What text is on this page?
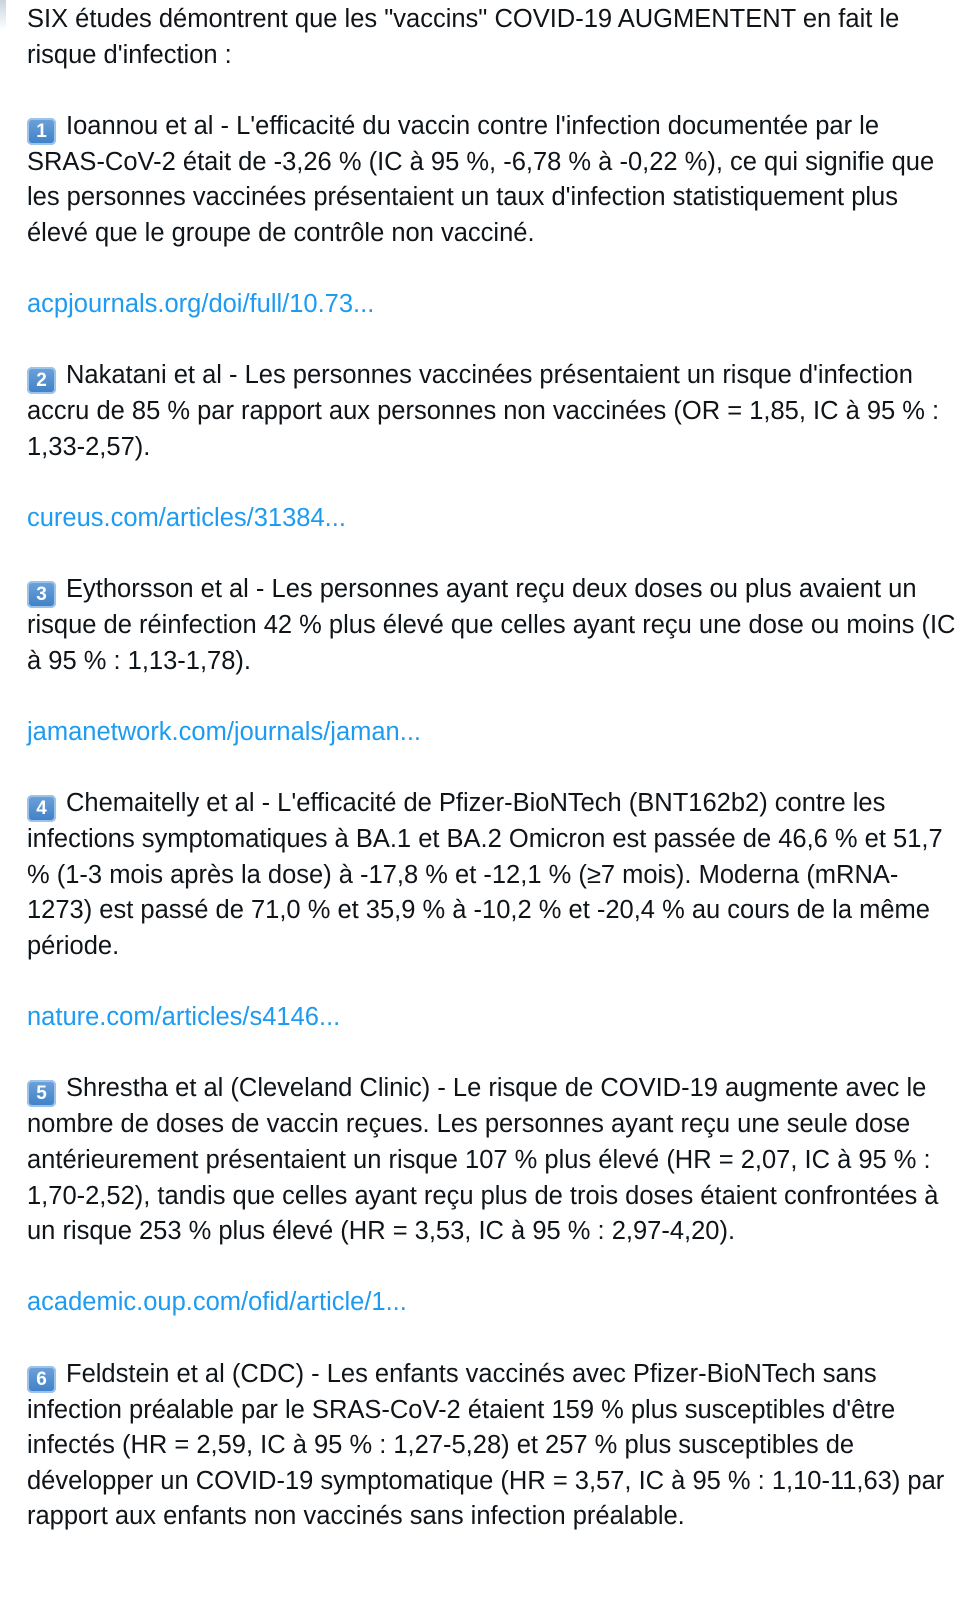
SIX études démontrent que les "vaccins" COVID-19 AUGMENTENT en fait le risque d'infection :

1 Ioannou et al - L'efficacité du vaccin contre l'infection documentée par le SRAS-CoV-2 était de -3,26 % (IC à 95 %, -6,78 % à -0,22 %), ce qui signifie que les personnes vaccinées présentaient un taux d'infection statistiquement plus élevé que le groupe de contrôle non vacciné.

acpjournals.org/doi/full/10.73...

2 Nakatani et al - Les personnes vaccinées présentaient un risque d'infection accru de 85 % par rapport aux personnes non vaccinées (OR = 1,85, IC à 95 % : 1,33-2,57).

cureus.com/articles/31384...

3 Eythorsson et al - Les personnes ayant reçu deux doses ou plus avaient un risque de réinfection 42 % plus élevé que celles ayant reçu une dose ou moins (IC à 95 % : 1,13-1,78).

jamanetwork.com/journals/jaman...

4 Chemaitelly et al - L'efficacité de Pfizer-BioNTech (BNT162b2) contre les infections symptomatiques à BA.1 et BA.2 Omicron est passée de 46,6 % et 51,7 % (1-3 mois après la dose) à -17,8 % et -12,1 % (≥7 mois). Moderna (mRNA-1273) est passé de 71,0 % et 35,9 % à -10,2 % et -20,4 % au cours de la même période.

nature.com/articles/s4146...

5 Shrestha et al (Cleveland Clinic) - Le risque de COVID-19 augmente avec le nombre de doses de vaccin reçues. Les personnes ayant reçu une seule dose antérieurement présentaient un risque 107 % plus élevé (HR = 2,07, IC à 95 % : 1,70-2,52), tandis que celles ayant reçu plus de trois doses étaient confrontées à un risque 253 % plus élevé (HR = 3,53, IC à 95 % : 2,97-4,20).

academic.oup.com/ofid/article/1...

6 Feldstein et al (CDC) - Les enfants vaccinés avec Pfizer-BioNTech sans infection préalable par le SRAS-CoV-2 étaient 159 % plus susceptibles d'être infectés (HR = 2,59, IC à 95 % : 1,27-5,28) et 257 % plus susceptibles de développer un COVID-19 symptomatique (HR = 3,57, IC à 95 % : 1,10-11,63) par rapport aux enfants non vaccinés sans infection préalable.
